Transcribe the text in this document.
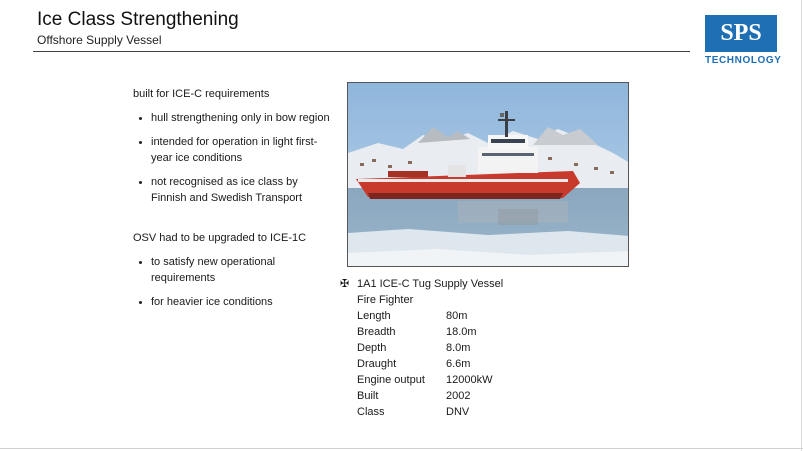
Ice Class Strengthening
Offshore Supply Vessel	SPS
TECHNOLOGY
built for ICE-C requirements
hull strengthening only in bow region
intended for operation in light first-year ice conditions
not recognised as ice class by Finnish and Swedish Transport
OSV had to be upgraded to ICE-1C
to satisfy new operational requirements
for heavier ice conditions
✠ 1A1 ICE-C Tug Supply Vessel
Fire Fighter
Length	80m
Breadth	18.0m
Depth	8.0m
Draught	6.6m
Engine output	12000kW
Built	2002
Class	DNV
